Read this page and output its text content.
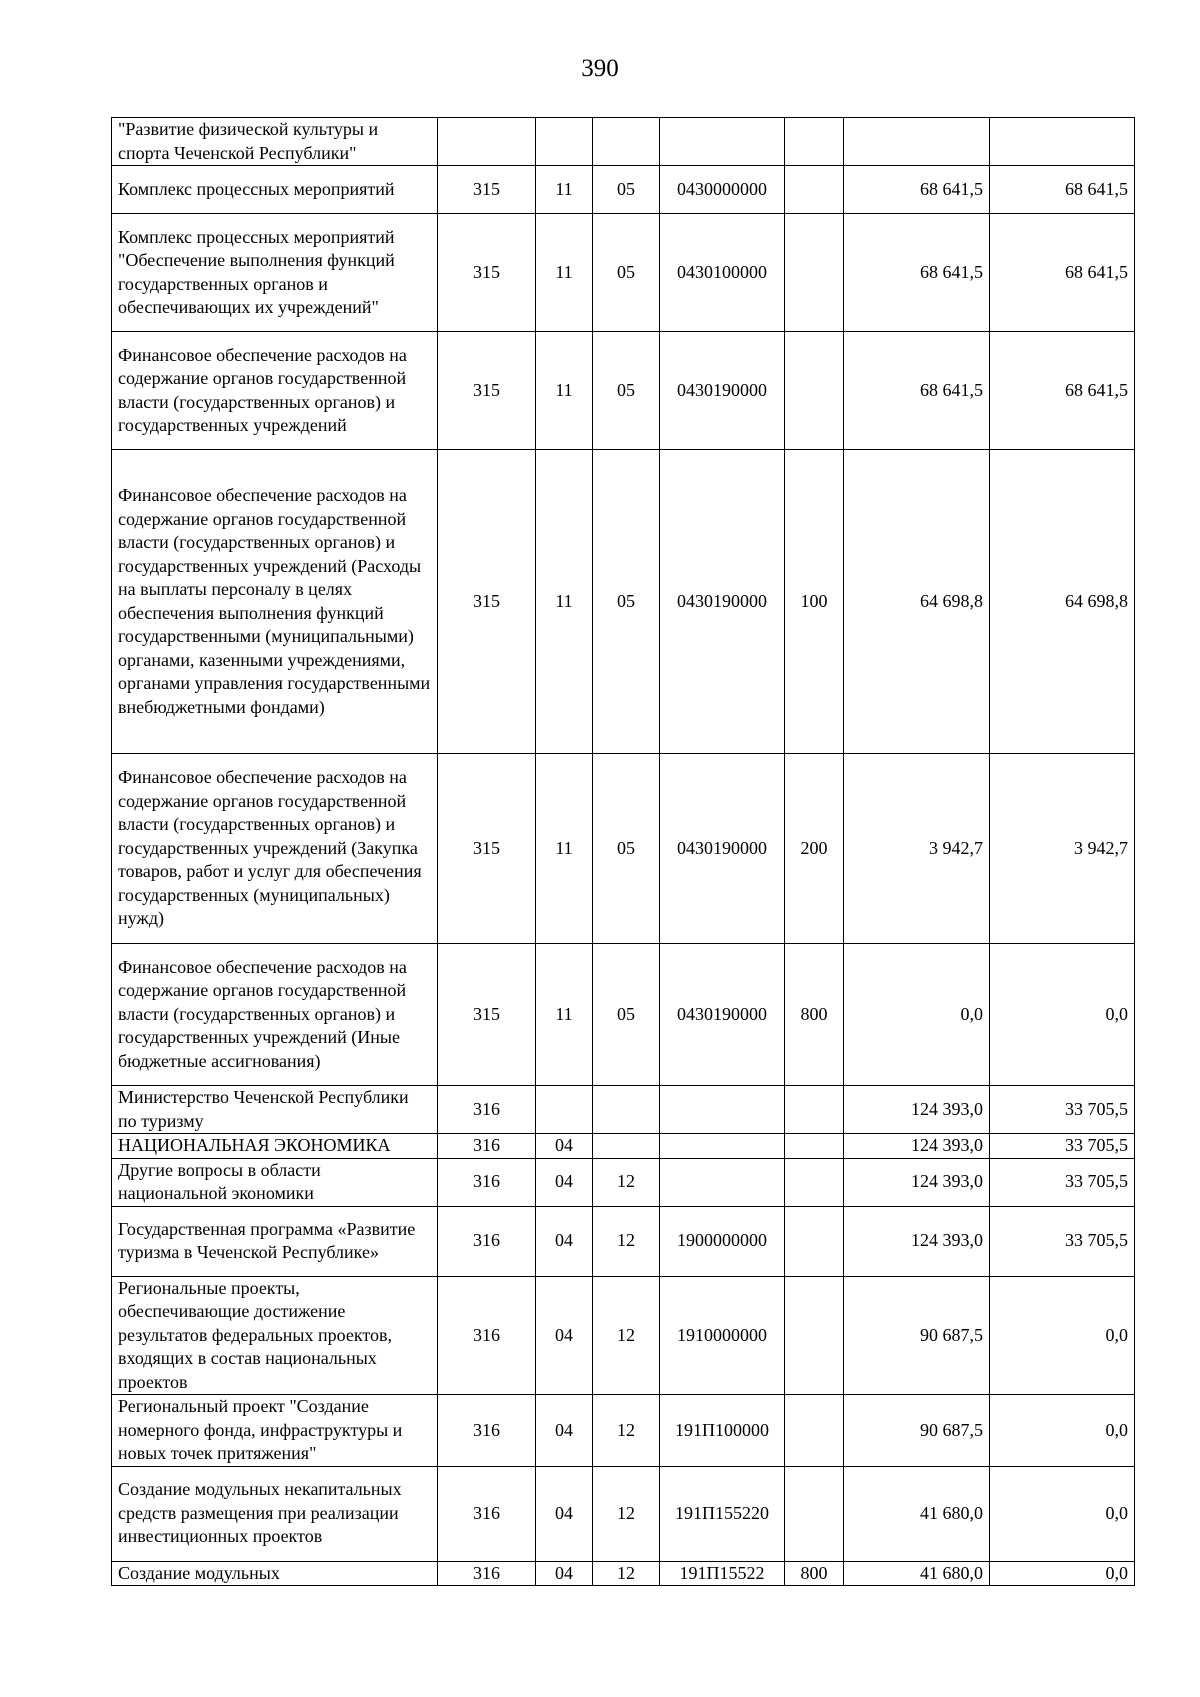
390
"Развитие физической культуры и спорта Чеченской Республики"							
Комплекс процессных мероприятий	315	11	05	0430000000		68 641,5	68 641,5
Комплекс процессных мероприятий "Обеспечение выполнения функций государственных органов и обеспечивающих их учреждений"	315	11	05	0430100000		68 641,5	68 641,5
Финансовое обеспечение расходов на содержание органов государственной власти (государственных органов) и государственных учреждений	315	11	05	0430190000		68 641,5	68 641,5
Финансовое обеспечение расходов на содержание органов государственной власти (государственных органов) и государственных учреждений (Расходы на выплаты персоналу в целях обеспечения выполнения функций государственными (муниципальными) органами, казенными учреждениями, органами управления государственными внебюджетными фондами)	315	11	05	0430190000	100	64 698,8	64 698,8
Финансовое обеспечение расходов на содержание органов государственной власти (государственных органов) и государственных учреждений (Закупка товаров, работ и услуг для обеспечения государственных (муниципальных) нужд)	315	11	05	0430190000	200	3 942,7	3 942,7
Финансовое обеспечение расходов на содержание органов государственной власти (государственных органов) и государственных учреждений (Иные бюджетные ассигнования)	315	11	05	0430190000	800	0,0	0,0
Министерство Чеченской Республики по туризму	316					124 393,0	33 705,5
НАЦИОНАЛЬНАЯ ЭКОНОМИКА	316	04				124 393,0	33 705,5
Другие вопросы в области национальной экономики	316	04	12			124 393,0	33 705,5
Государственная программа «Развитие туризма в Чеченской Республике»	316	04	12	1900000000		124 393,0	33 705,5
Региональные проекты, обеспечивающие достижение результатов федеральных проектов, входящих в состав национальных проектов	316	04	12	1910000000		90 687,5	0,0
Региональный проект "Создание номерного фонда, инфраструктуры и новых точек притяжения"	316	04	12	191П100000		90 687,5	0,0
Создание модульных некапитальных средств размещения при реализации инвестиционных проектов	316	04	12	191П155220		41 680,0	0,0
Создание модульных	316	04	12	191П15522	800	41 680,0	0,0
